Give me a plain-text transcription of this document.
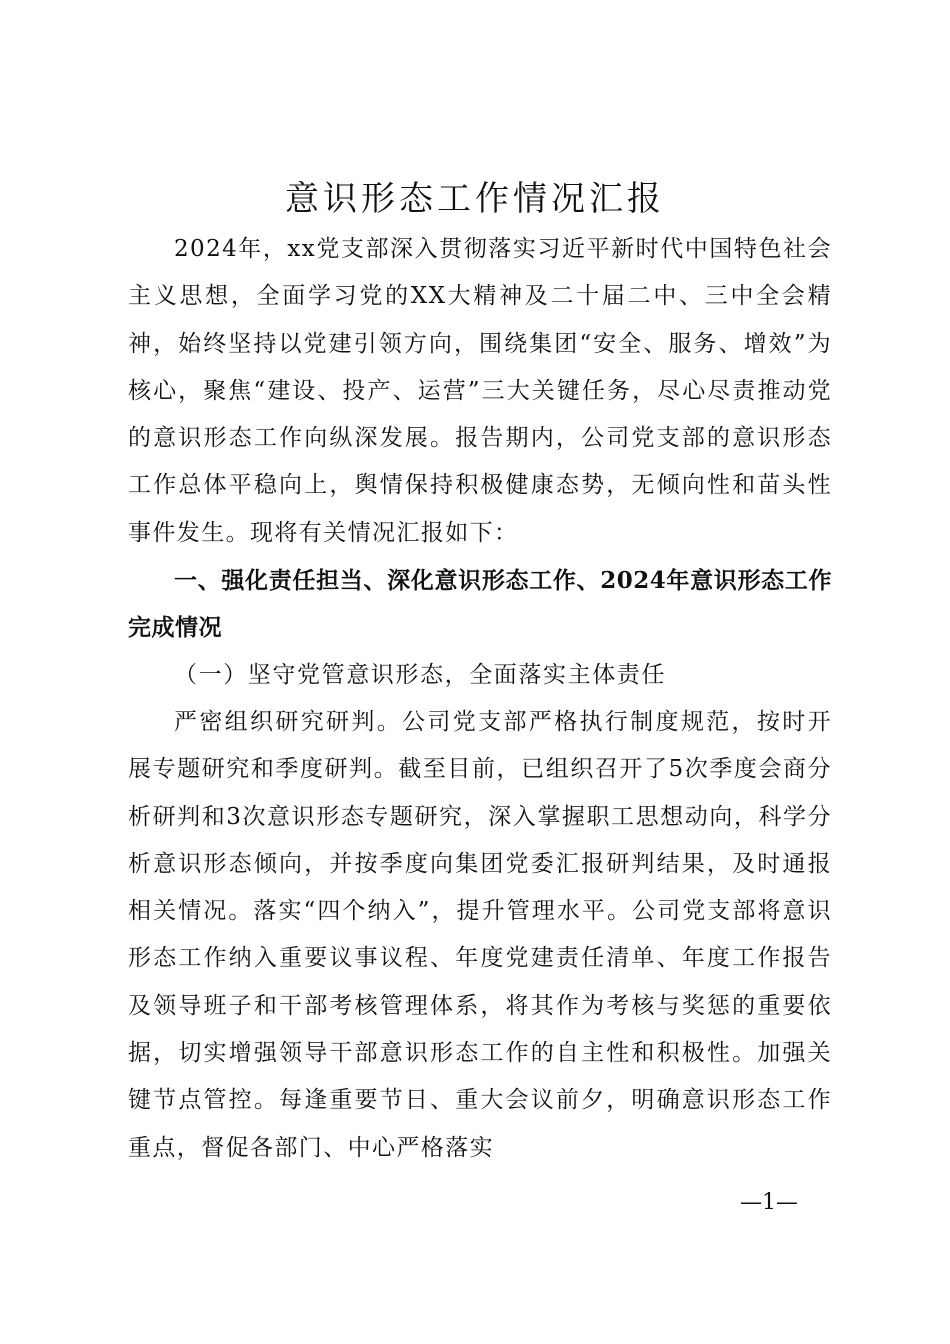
意识形态工作情况汇报

2024年，xx党支部深入贯彻落实习近平新时代中国特色社会主义思想，全面学习党的XX大精神及二十届二中、三中全会精神，始终坚持以党建引领方向，围绕集团“安全、服务、增效”为核心，聚焦“建设、投产、运营”三大关键任务，尽心尽责推动党的意识形态工作向纵深发展。报告期内，公司党支部的意识形态工作总体平稳向上，舆情保持积极健康态势，无倾向性和苗头性事件发生。现将有关情况汇报如下：

一、强化责任担当、深化意识形态工作、2024年意识形态工作完成情况

（一）坚守党管意识形态，全面落实主体责任

严密组织研究研判。公司党支部严格执行制度规范，按时开展专题研究和季度研判。截至目前，已组织召开了5次季度会商分析研判和3次意识形态专题研究，深入掌握职工思想动向，科学分析意识形态倾向，并按季度向集团党委汇报研判结果，及时通报相关情况。落实“四个纳入”，提升管理水平。公司党支部将意识形态工作纳入重要议事议程、年度党建责任清单、年度工作报告及领导班子和干部考核管理体系，将其作为考核与奖惩的重要依据，切实增强领导干部意识形态工作的自主性和积极性。加强关键节点管控。每逢重要节日、重大会议前夕，明确意识形态工作重点，督促各部门、中心严格落实

—1—
